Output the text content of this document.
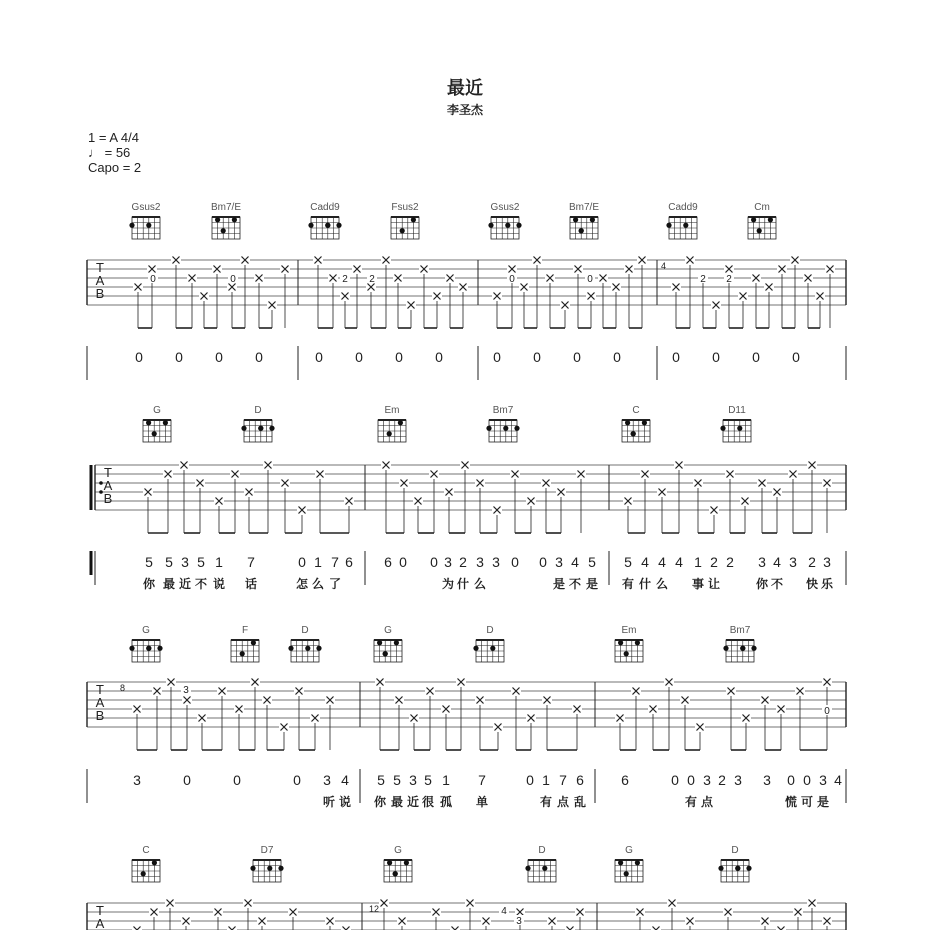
最近
李圣杰
1 = A 4/4
♩ = 56
Capo = 2
T
A
B
0	0	2 2	0	0	2 2
4
T
A
B
T
A
B
3
0
8
T
A
4
3
12
Gsus2	Bm7/E	Cadd9	Fsus2	Gsus2	Bm7/E	Cadd9	Cm
0 0 0 0	0 0 0 0	0 0 0 0	0 0 0 0
G	D	Em	Bm7	C	D11
5 5 3 5 1 7	0 1 7 6 6 0 0 3 2 3 3 0 0 3 4 5 5 4 4 4 1 2 2 3 4 3 2 3
你 最 近 不 说 话	怎 么 了	为 什 么	是 不 是 有 什 么 事 让	你 不 快 乐
G	F	D	G	D	Em	Bm7
3	0	0	0 3 4 5 5 3 5 1 7	0 1 7 6	6	0 0 3 2 3 3 0 0 3 4
听 说 你 最 近 很 孤 单	有 点 乱	有 点	慌 可 是
C	D7	G	D	G	D
